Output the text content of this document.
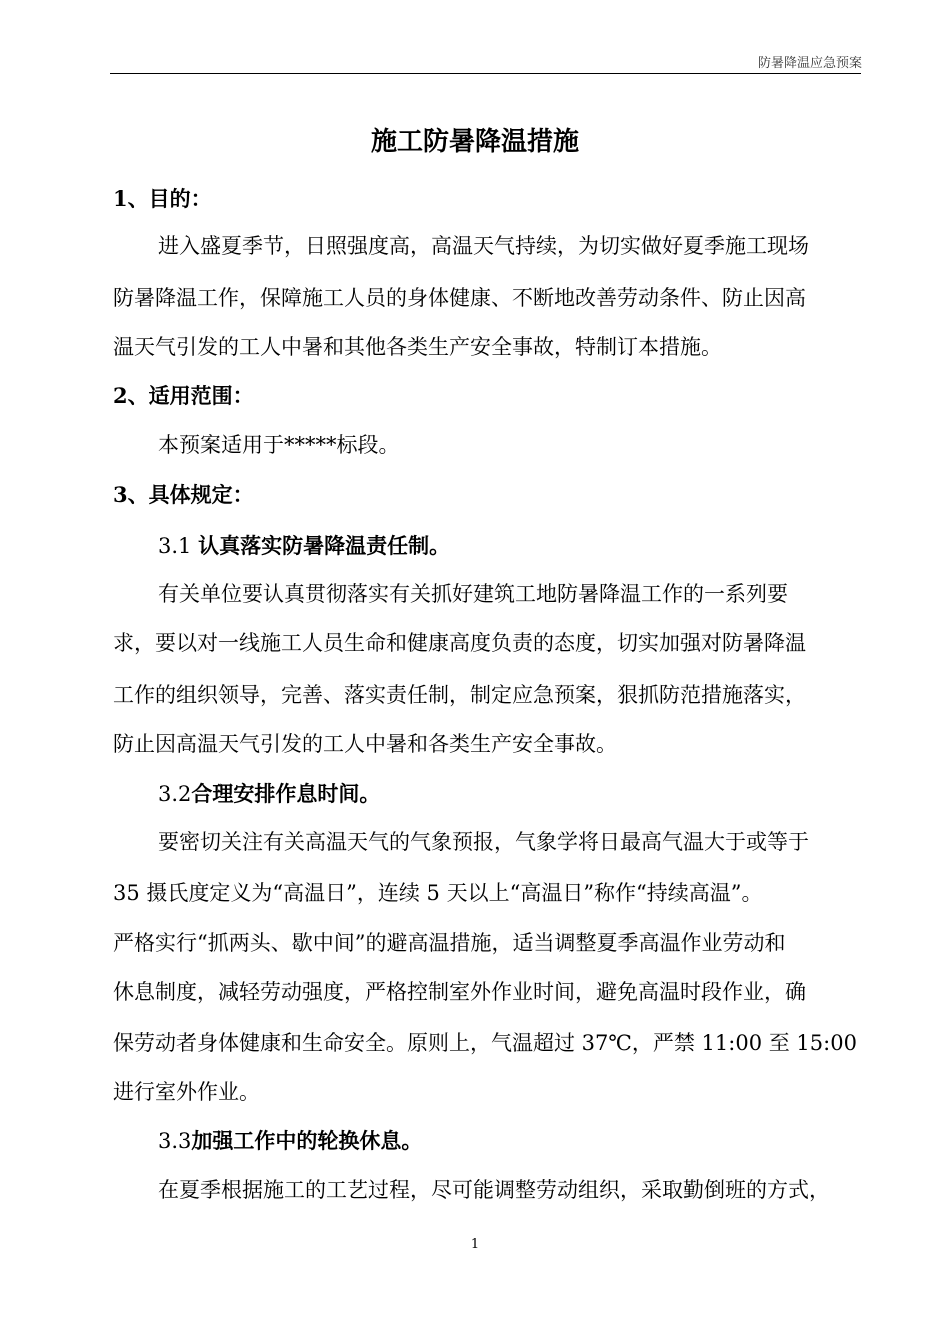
防暑降温应急预案
施工防暑降温措施
1、目的：
进入盛夏季节，日照强度高，高温天气持续，为切实做好夏季施工现场
防暑降温工作，保障施工人员的身体健康、不断地改善劳动条件、防止因高
温天气引发的工人中暑和其他各类生产安全事故，特制订本措施。
2、适用范围：
本预案适用于*****标段。
3、具体规定：
3.1 认真落实防暑降温责任制。
有关单位要认真贯彻落实有关抓好建筑工地防暑降温工作的一系列要
求，要以对一线施工人员生命和健康高度负责的态度，切实加强对防暑降温
工作的组织领导，完善、落实责任制，制定应急预案，狠抓防范措施落实，
防止因高温天气引发的工人中暑和各类生产安全事故。
3.2合理安排作息时间。
要密切关注有关高温天气的气象预报，气象学将日最高气温大于或等于
35 摄氏度定义为“高温日”，连续 5 天以上“高温日”称作“持续高温”。
严格实行“抓两头、歇中间”的避高温措施，适当调整夏季高温作业劳动和
休息制度，减轻劳动强度，严格控制室外作业时间，避免高温时段作业，确
保劳动者身体健康和生命安全。原则上，气温超过 37℃，严禁 11:00 至 15:00
进行室外作业。
3.3加强工作中的轮换休息。
在夏季根据施工的工艺过程，尽可能调整劳动组织，采取勤倒班的方式，
1
